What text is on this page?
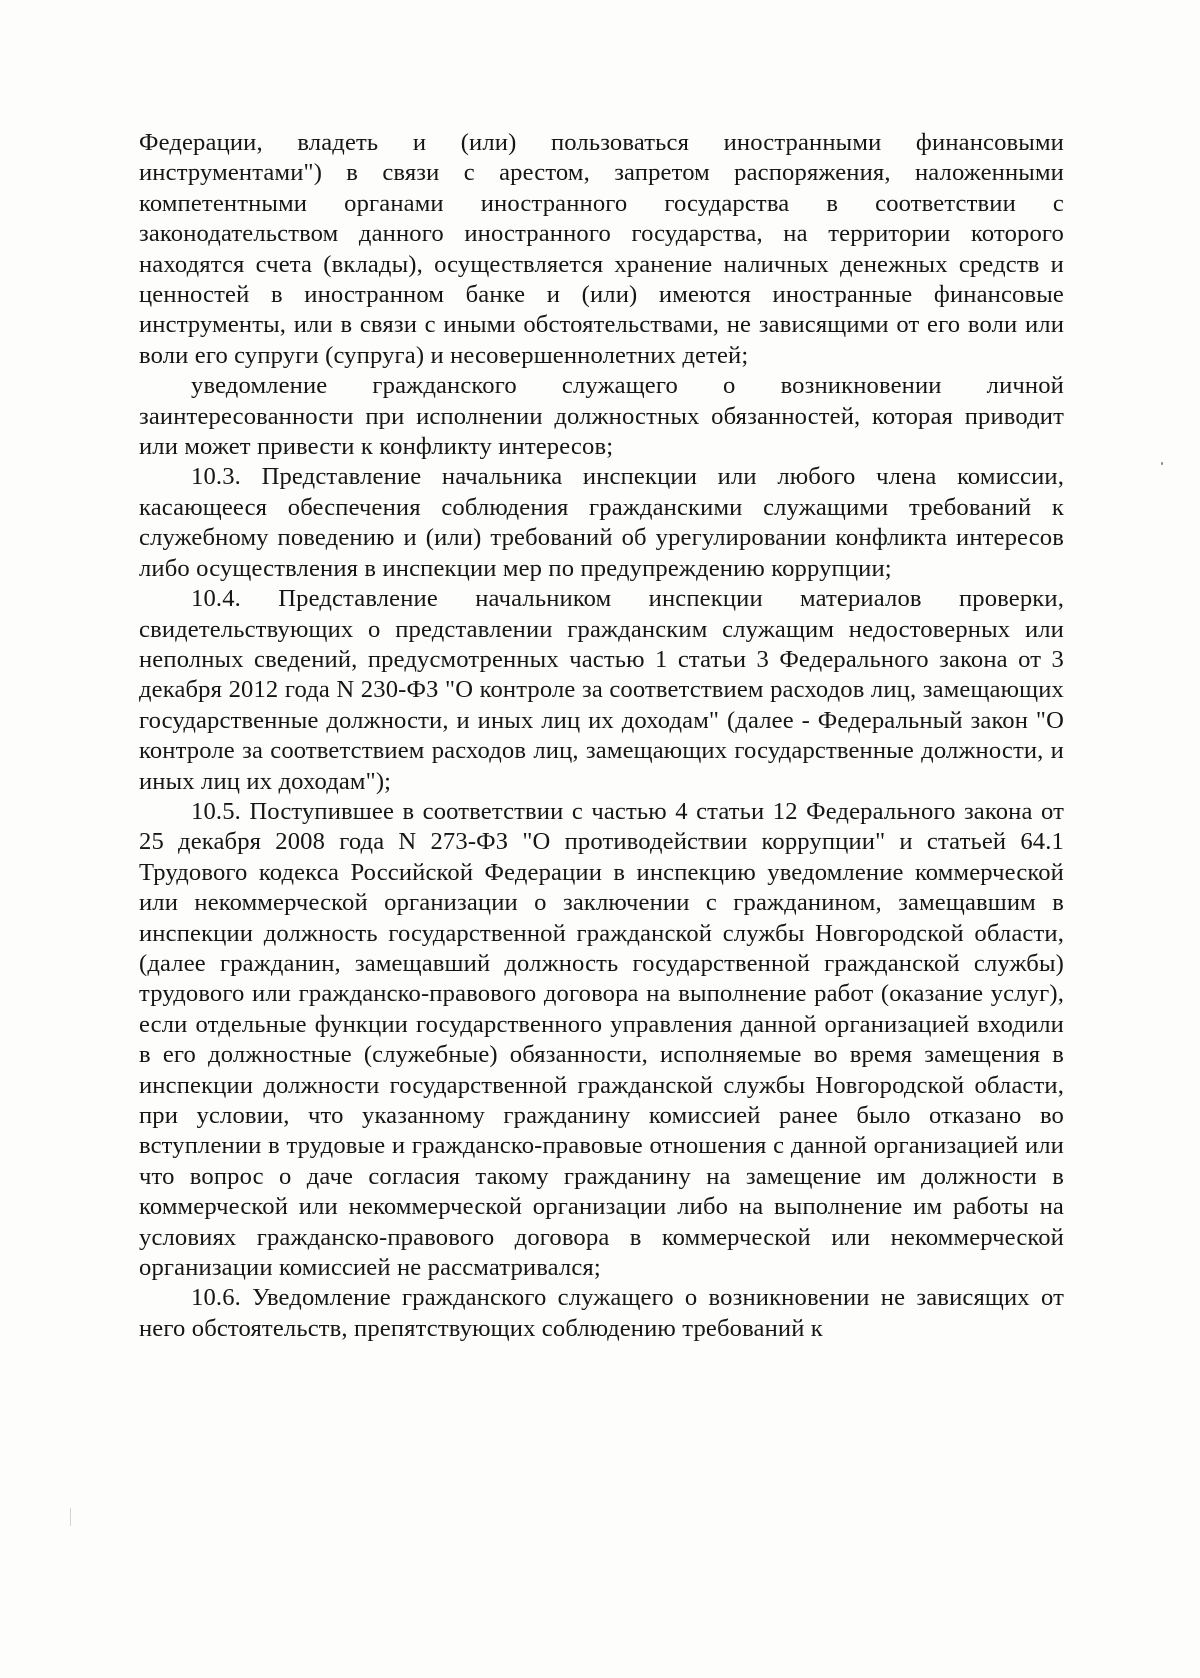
Федерации, владеть и (или) пользоваться иностранными финансовыми инструментами") в связи с арестом, запретом распоряжения, наложенными компетентными органами иностранного государства в соответствии с законодательством данного иностранного государства, на территории которого находятся счета (вклады), осуществляется хранение наличных денежных средств и ценностей в иностранном банке и (или) имеются иностранные финансовые инструменты, или в связи с иными обстоятельствами, не зависящими от его воли или воли его супруги (супруга) и несовершеннолетних детей;

уведомление гражданского служащего о возникновении личной заинтересованности при исполнении должностных обязанностей, которая приводит или может привести к конфликту интересов;

10.3. Представление начальника инспекции или любого члена комиссии, касающееся обеспечения соблюдения гражданскими служащими требований к служебному поведению и (или) требований об урегулировании конфликта интересов либо осуществления в инспекции мер по предупреждению коррупции;

10.4. Представление начальником инспекции материалов проверки, свидетельствующих о представлении гражданским служащим недостоверных или неполных сведений, предусмотренных частью 1 статьи 3 Федерального закона от 3 декабря 2012 года N 230-ФЗ "О контроле за соответствием расходов лиц, замещающих государственные должности, и иных лиц их доходам" (далее - Федеральный закон "О контроле за соответствием расходов лиц, замещающих государственные должности, и иных лиц их доходам");

10.5. Поступившее в соответствии с частью 4 статьи 12 Федерального закона от 25 декабря 2008 года N 273-ФЗ "О противодействии коррупции" и статьей 64.1 Трудового кодекса Российской Федерации в инспекцию уведомление коммерческой или некоммерческой организации о заключении с гражданином, замещавшим в инспекции должность государственной гражданской службы Новгородской области, (далее гражданин, замещавший должность государственной гражданской службы) трудового или гражданско-правового договора на выполнение работ (оказание услуг), если отдельные функции государственного управления данной организацией входили в его должностные (служебные) обязанности, исполняемые во время замещения в инспекции должности государственной гражданской службы Новгородской области, при условии, что указанному гражданину комиссией ранее было отказано во вступлении в трудовые и гражданско-правовые отношения с данной организацией или что вопрос о даче согласия такому гражданину на замещение им должности в коммерческой или некоммерческой организации либо на выполнение им работы на условиях гражданско-правового договора в коммерческой или некоммерческой организации комиссией не рассматривался;

10.6. Уведомление гражданского служащего о возникновении не зависящих от него обстоятельств, препятствующих соблюдению требований к
